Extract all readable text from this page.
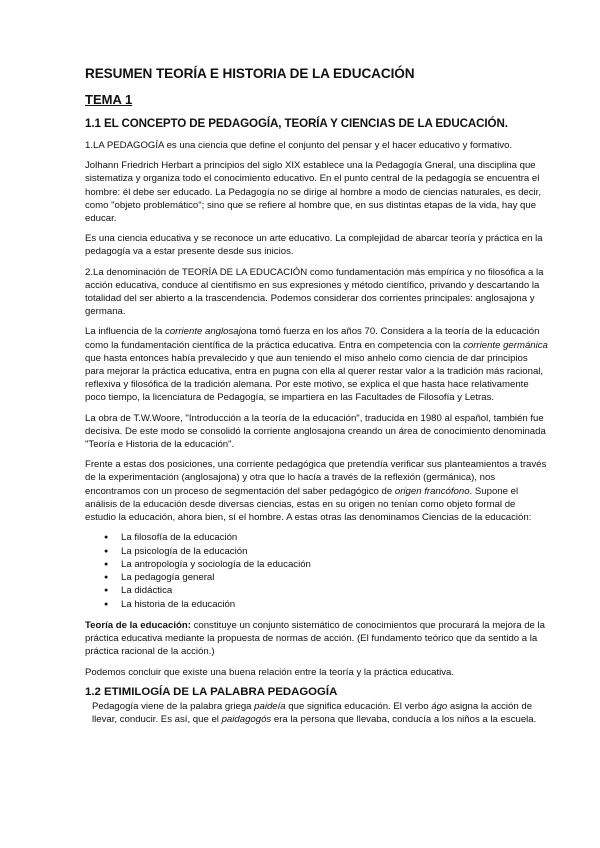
RESUMEN TEORÍA E HISTORIA DE LA EDUCACIÓN
TEMA 1
1.1 EL CONCEPTO DE PEDAGOGÍA, TEORÍA Y CIENCIAS DE LA EDUCACIÓN.

1.LA PEDAGOGÍA es una ciencia que define el conjunto del pensar y el hacer educativo y formativo.

Jolhann Friedrich Herbart a principios del siglo XIX establece una la Pedagogía Gneral, una disciplina que sistematiza y organiza todo el conocimiento educativo. En el punto central de la pedagogía se encuentra el hombre: él debe ser educado. La Pedagogía no se dirige al hombre a modo de ciencias naturales, es decir, como "objeto problemático"; sino que se refiere al hombre que, en sus distintas etapas de la vida, hay que educar.

Es una ciencia educativa y se reconoce un arte educativo. La complejidad de abarcar teoría y práctica en la pedagogía va a estar presente desde sus inicios.

2.La denominación de TEORÍA DE LA EDUCACIÓN como fundamentación más empírica y no filosófica a la acción educativa, conduce al cientifismo en sus expresiones y método científico, privando y descartando la totalidad del ser abierto a la trascendencia. Podemos considerar dos corrientes principales: anglosajona y germana.

La influencia de la corriente anglosajona tomó fuerza en los años 70. Considera a la teoría de la educación como la fundamentación científica de la práctica educativa. Entra en competencia con la corriente germánica que hasta entonces había prevalecido y que aun teniendo el miso anhelo como ciencia de dar principios para mejorar la práctica educativa, entra en pugna con ella al querer restar valor a la tradición más racional, reflexiva y filosófica de la tradición alemana. Por este motivo, se explica el que hasta hace relativamente poco tiempo, la licenciatura de Pedagogía, se impartiera en las Facultades de Filosofía y Letras.

La obra de T.W.Woore, "Introducción a la teoría de la educación", traducida en 1980 al español, también fue decisiva. De este modo se consolidó la corriente anglosajona creando un área de conocimiento denominada "Teoría e Historia de la educación".

Frente a estas dos posiciones, una corriente pedagógica que pretendía verificar sus planteamientos a través de la experimentación (anglosajona) y otra que lo hacía a través de la reflexión (germánica), nos encontramos con un proceso de segmentación del saber pedagógico de origen francófono. Supone el análisis de la educación desde diversas ciencias, estas en su origen no tenían como objeto formal de estudio la educación, ahora bien, sí el hombre. A estas otras las denominamos Ciencias de la educación:

● La filosofía de la educación
● La psicología de la educación
● La antropología y sociología de la educación
● La pedagogía general
● La didáctica
● La historia de la educación

Teoría de la educación: constituye un conjunto sistemático de conocimientos que procurará la mejora de la práctica educativa mediante la propuesta de normas de acción. (El fundamento teórico que da sentido a la práctica racional de la acción.)

Podemos concluir que existe una buena relación entre la teoría y la práctica educativa.

1.2 ETIMILOGÍA DE LA PALABRA PEDAGOGÍA

Pedagogía viene de la palabra griega paideía que significa educación. El verbo ágo asigna la acción de llevar, conducir. Es así, que el paidagogós era la persona que llevaba, conducía a los niños a la escuela.
